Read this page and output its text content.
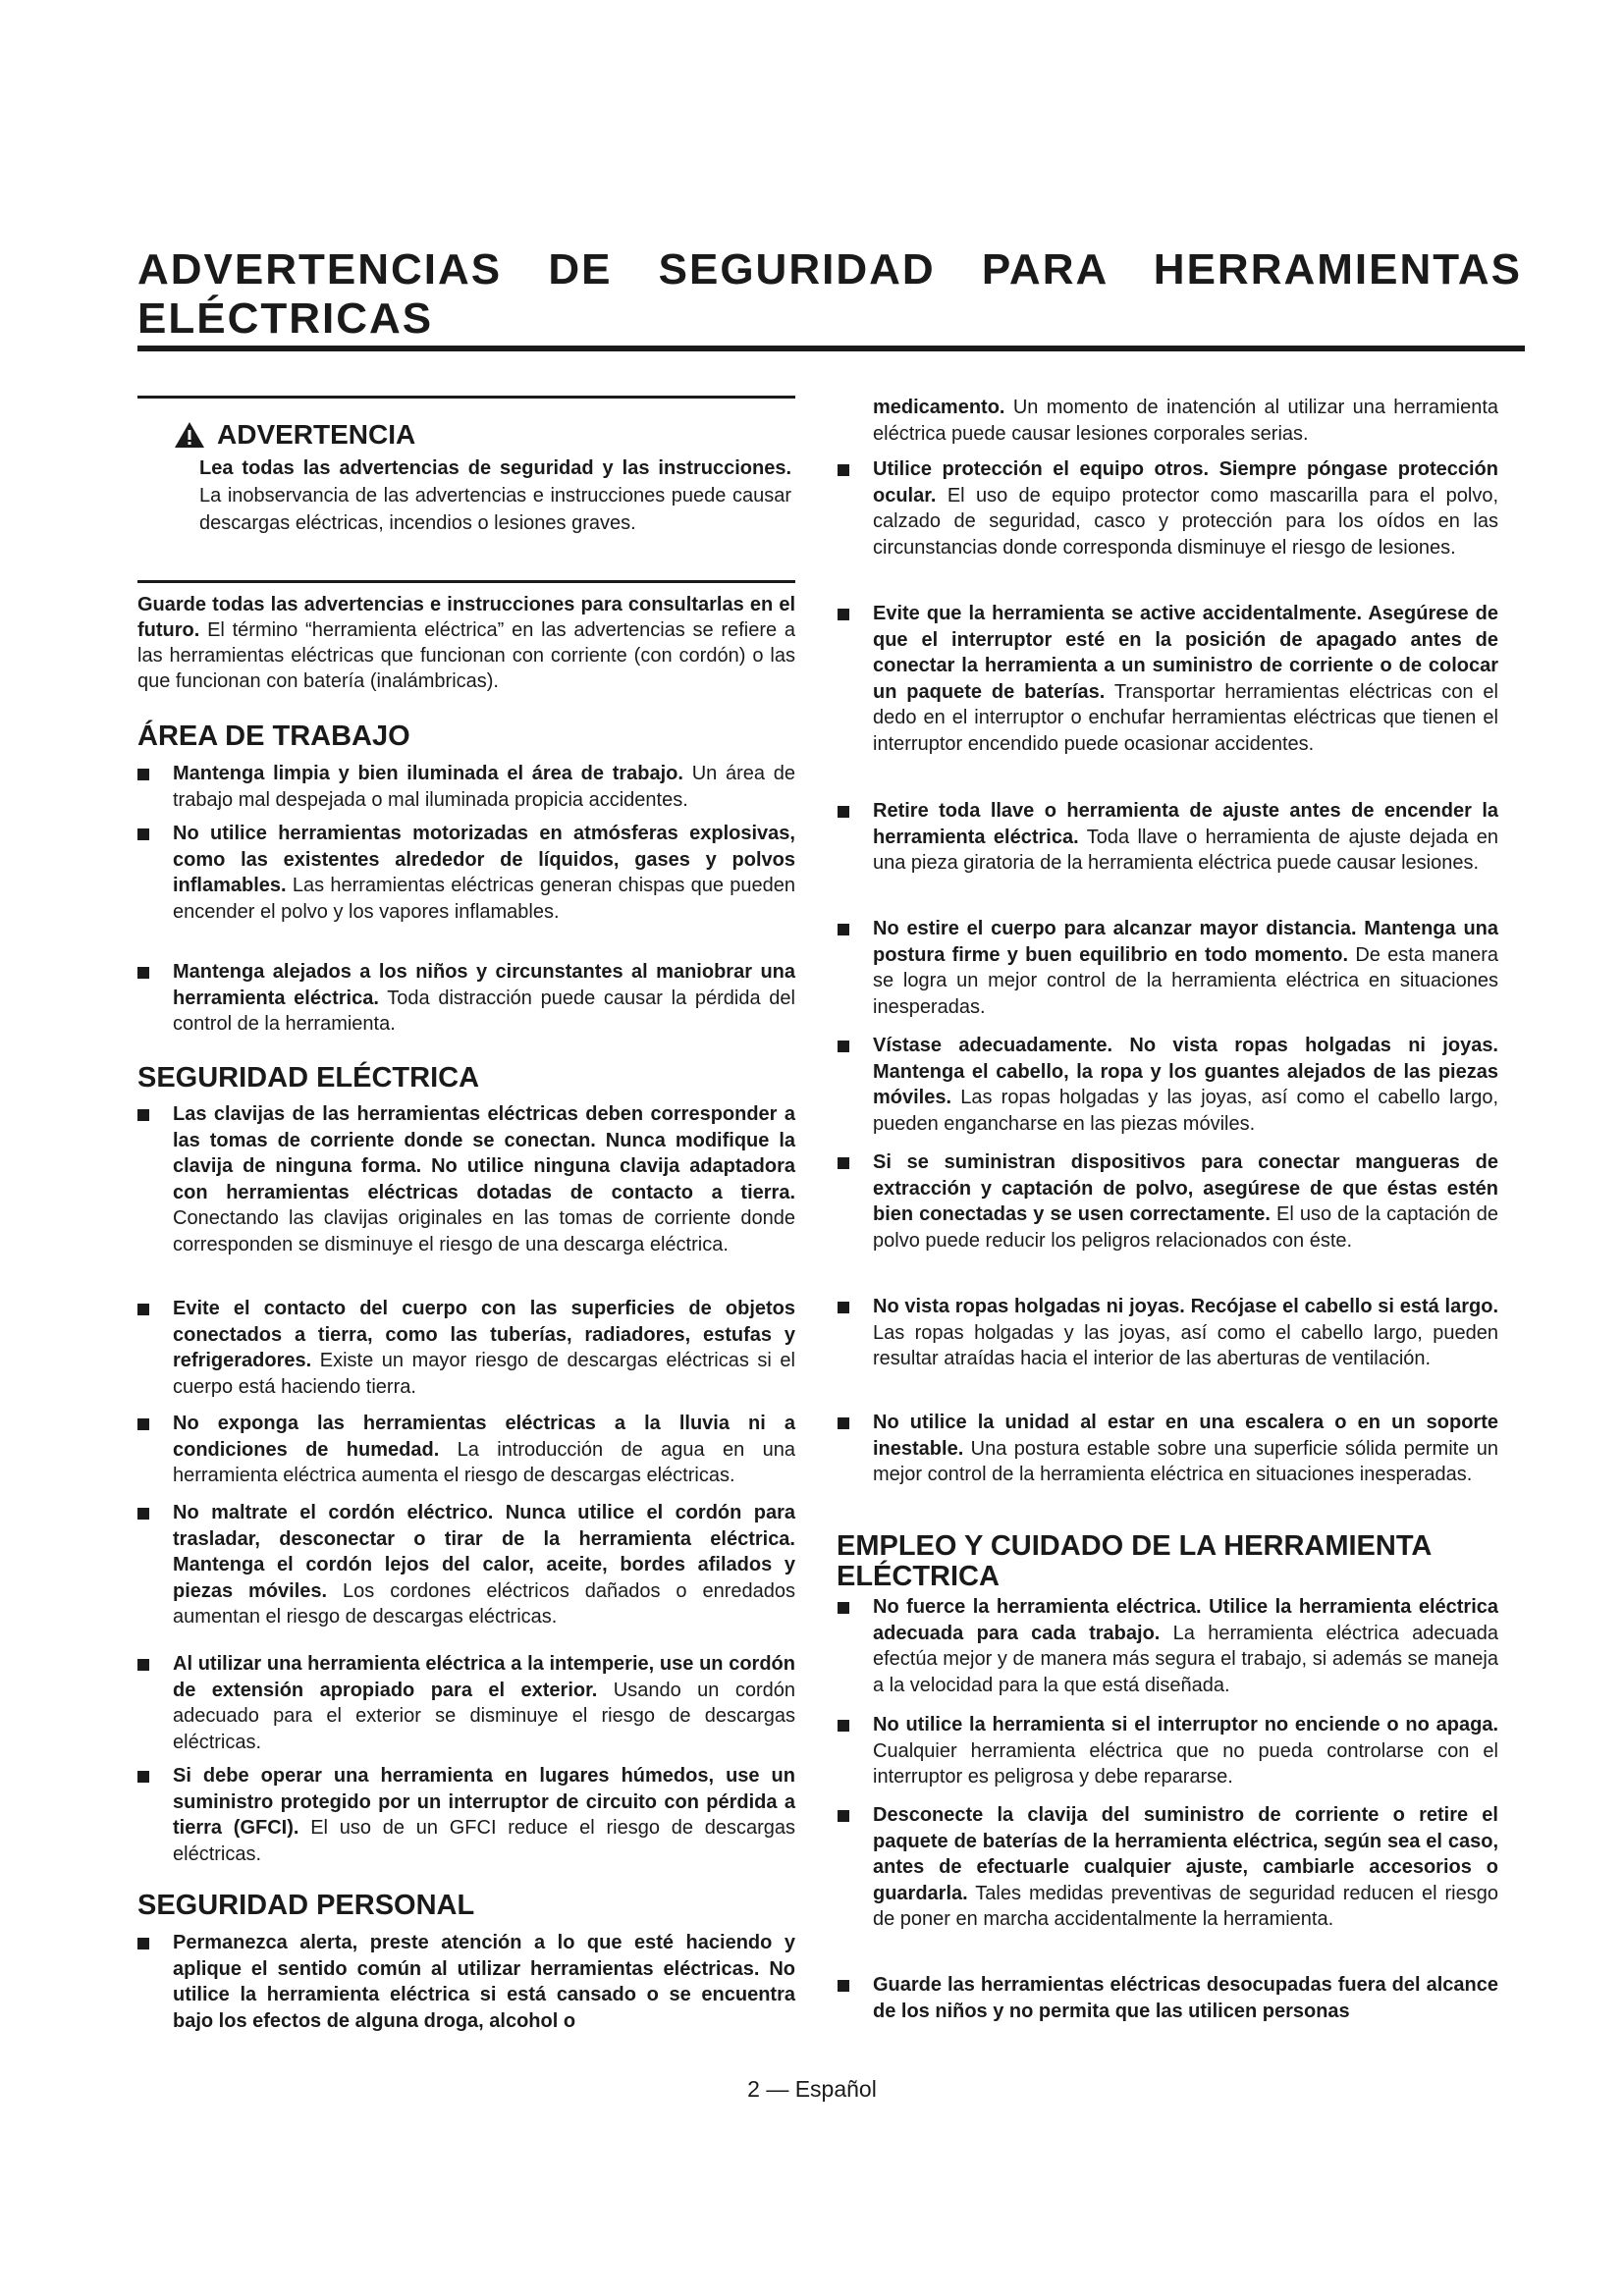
ADVERTENCIAS DE SEGURIDAD PARA HERRAMIENTAS ELÉCTRICAS
ADVERTENCIA

Lea todas las advertencias de seguridad y las instrucciones. La inobservancia de las advertencias e instrucciones puede causar descargas eléctricas, incendios o lesiones graves.

Guarde todas las advertencias e instrucciones para consultarlas en el futuro. El término “herramienta eléctrica” en las advertencias se refiere a las herramientas eléctricas que funcionan con corriente (con cordón) o las que funcionan con batería (inalámbricas).

ÁREA DE TRABAJO

Mantenga limpia y bien iluminada el área de trabajo. Un área de trabajo mal despejada o mal iluminada propicia accidentes.

No utilice herramientas motorizadas en atmósferas explosivas, como las existentes alrededor de líquidos, gases y polvos inflamables. Las herramientas eléctricas generan chispas que pueden encender el polvo y los vapores inflamables.

Mantenga alejados a los niños y circunstantes al maniobrar una herramienta eléctrica. Toda distracción puede causar la pérdida del control de la herramienta.

SEGURIDAD ELÉCTRICA

Las clavijas de las herramientas eléctricas deben corresponder a las tomas de corriente donde se conectan. Nunca modifique la clavija de ninguna forma. No utilice ninguna clavija adaptadora con herramientas eléctricas dotadas de contacto a tierra. Conectando las clavijas originales en las tomas de corriente donde corresponden se disminuye el riesgo de una descarga eléctrica.

Evite el contacto del cuerpo con las superficies de objetos conectados a tierra, como las tuberías, radiadores, estufas y refrigeradores. Existe un mayor riesgo de descargas eléctricas si el cuerpo está haciendo tierra.

No exponga las herramientas eléctricas a la lluvia ni a condiciones de humedad. La introducción de agua en una herramienta eléctrica aumenta el riesgo de descargas eléctricas.

No maltrate el cordón eléctrico. Nunca utilice el cordón para trasladar, desconectar o tirar de la herramienta eléctrica. Mantenga el cordón lejos del calor, aceite, bordes afilados y piezas móviles. Los cordones eléctricos dañados o enredados aumentan el riesgo de descargas eléctricas.

Al utilizar una herramienta eléctrica a la intemperie, use un cordón de extensión apropiado para el exterior. Usando un cordón adecuado para el exterior se disminuye el riesgo de descargas eléctricas.

Si debe operar una herramienta en lugares húmedos, use un suministro protegido por un interruptor de circuito con pérdida a tierra (GFCI). El uso de un GFCI reduce el riesgo de descargas eléctricas.

SEGURIDAD PERSONAL

Permanezca alerta, preste atención a lo que esté haciendo y aplique el sentido común al utilizar herramientas eléctricas. No utilice la herramienta eléctrica si está cansado o se encuentra bajo los efectos de alguna droga, alcohol o

medicamento. Un momento de inatención al utilizar una herramienta eléctrica puede causar lesiones corporales serias.

Utilice protección el equipo otros. Siempre póngase protección ocular. El uso de equipo protector como mascarilla para el polvo, calzado de seguridad, casco y protección para los oídos en las circunstancias donde corresponda disminuye el riesgo de lesiones.

Evite que la herramienta se active accidentalmente. Asegúrese de que el interruptor esté en la posición de apagado antes de conectar la herramienta a un suministro de corriente o de colocar un paquete de baterías. Transportar herramientas eléctricas con el dedo en el interruptor o enchufar herramientas eléctricas que tienen el interruptor encendido puede ocasionar accidentes.

Retire toda llave o herramienta de ajuste antes de encender la herramienta eléctrica. Toda llave o herramienta de ajuste dejada en una pieza giratoria de la herramienta eléctrica puede causar lesiones.

No estire el cuerpo para alcanzar mayor distancia. Mantenga una postura firme y buen equilibrio en todo momento. De esta manera se logra un mejor control de la herramienta eléctrica en situaciones inesperadas.

Vístase adecuadamente. No vista ropas holgadas ni joyas. Mantenga el cabello, la ropa y los guantes alejados de las piezas móviles. Las ropas holgadas y las joyas, así como el cabello largo, pueden engancharse en las piezas móviles.

Si se suministran dispositivos para conectar mangueras de extracción y captación de polvo, asegúrese de que éstas estén bien conectadas y se usen correctamente. El uso de la captación de polvo puede reducir los peligros relacionados con éste.

No vista ropas holgadas ni joyas. Recójase el cabello si está largo. Las ropas holgadas y las joyas, así como el cabello largo, pueden resultar atraídas hacia el interior de las aberturas de ventilación.

No utilice la unidad al estar en una escalera o en un soporte inestable. Una postura estable sobre una superficie sólida permite un mejor control de la herramienta eléctrica en situaciones inesperadas.

EMPLEO Y CUIDADO DE LA HERRAMIENTA ELÉCTRICA

No fuerce la herramienta eléctrica. Utilice la herramienta eléctrica adecuada para cada trabajo. La herramienta eléctrica adecuada efectúa mejor y de manera más segura el trabajo, si además se maneja a la velocidad para la que está diseñada.

No utilice la herramienta si el interruptor no enciende o no apaga. Cualquier herramienta eléctrica que no pueda controlarse con el interruptor es peligrosa y debe repararse.

Desconecte la clavija del suministro de corriente o retire el paquete de baterías de la herramienta eléctrica, según sea el caso, antes de efectuarle cualquier ajuste, cambiarle accesorios o guardarla. Tales medidas preventivas de seguridad reducen el riesgo de poner en marcha accidentalmente la herramienta.

Guarde las herramientas eléctricas desocupadas fuera del alcance de los niños y no permita que las utilicen personas

2 — Español
